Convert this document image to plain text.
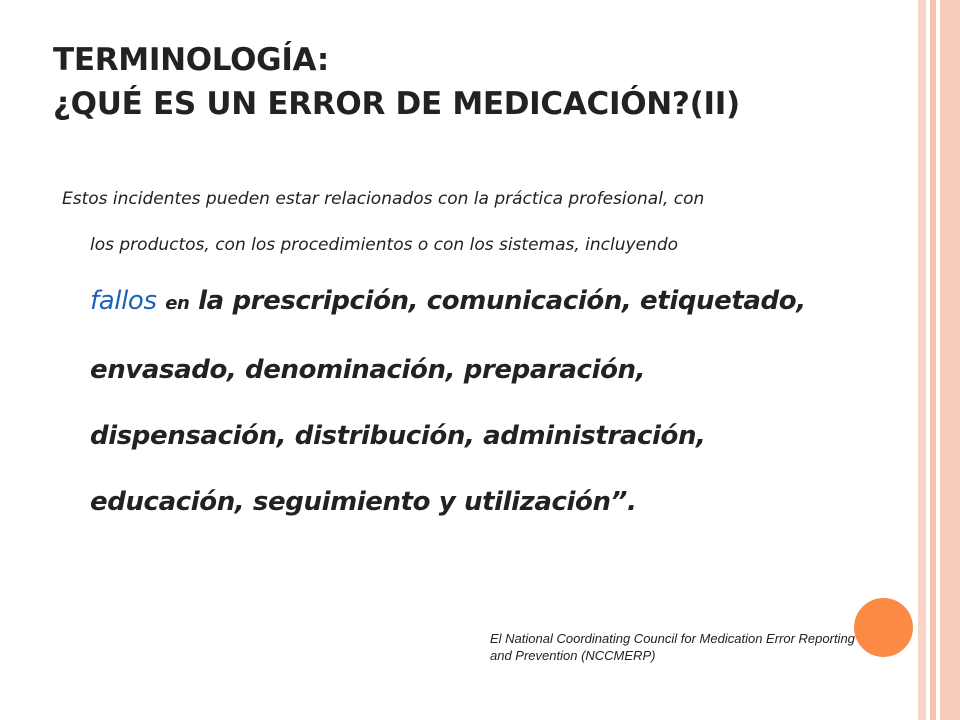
TERMINOLOGÍA:
¿QUÉ ES UN ERROR DE MEDICACIÓN?(II)
Estos incidentes pueden estar relacionados con la práctica profesional, con
los productos, con los procedimientos o con los sistemas, incluyendo
fallos en la prescripción, comunicación, etiquetado,
envasado, denominación, preparación,
dispensación, distribución, administración,
educación, seguimiento y utilización”.
El National Coordinating Council for Medication Error Reporting
and Prevention (NCCMERP)
